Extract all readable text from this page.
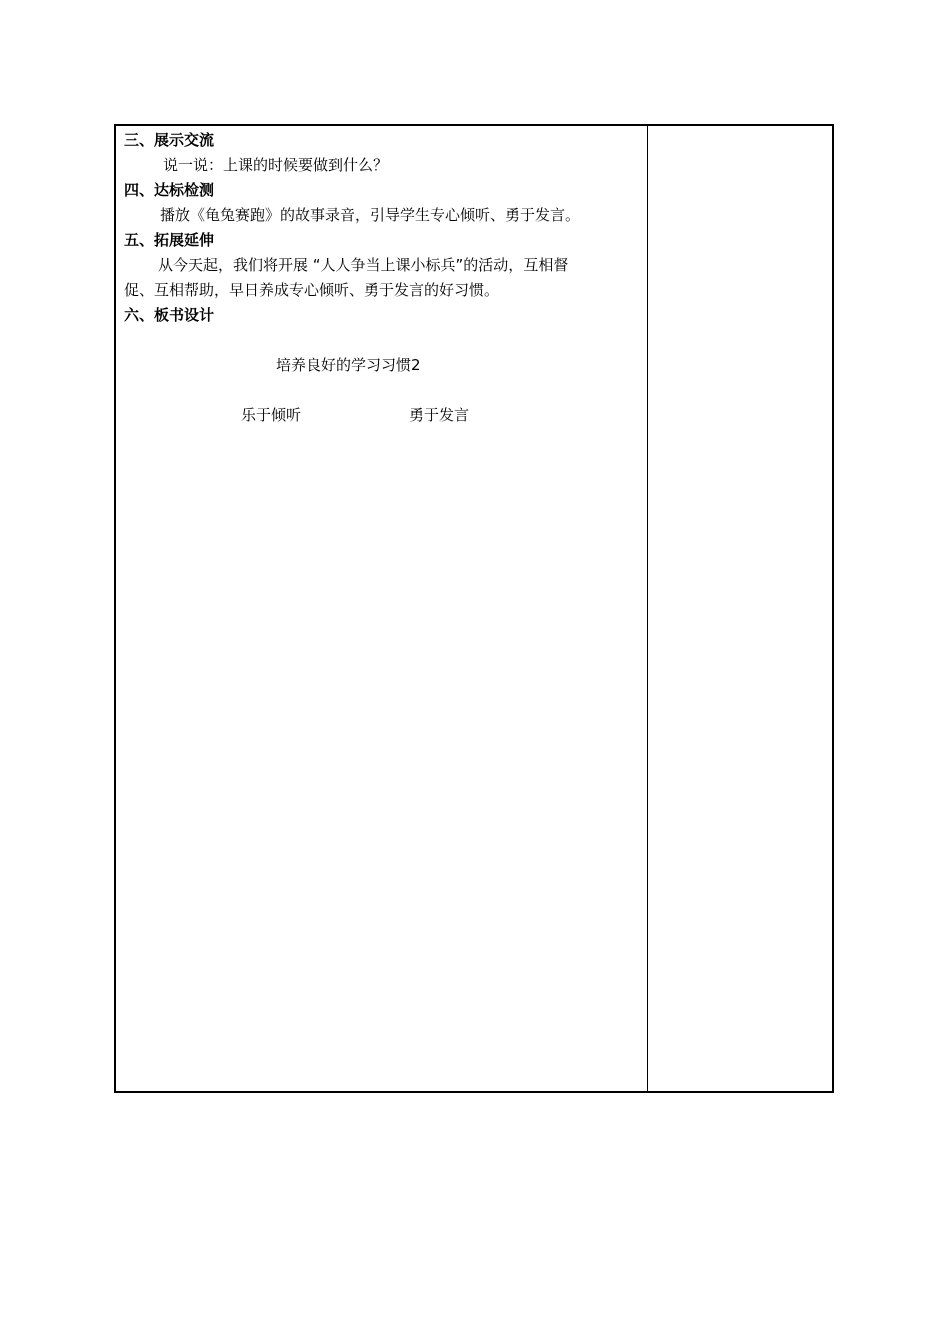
三、展示交流
说一说：上课的时候要做到什么？
四、达标检测
播放《龟兔赛跑》的故事录音，引导学生专心倾听、勇于发言。
五、拓展延伸
从今天起，我们将开展 “人人争当上课小标兵”的活动，互相督
促、互相帮助，早日养成专心倾听、勇于发言的好习惯。
六、板书设计
培养良好的学习习惯2
乐于倾听	勇于发言
